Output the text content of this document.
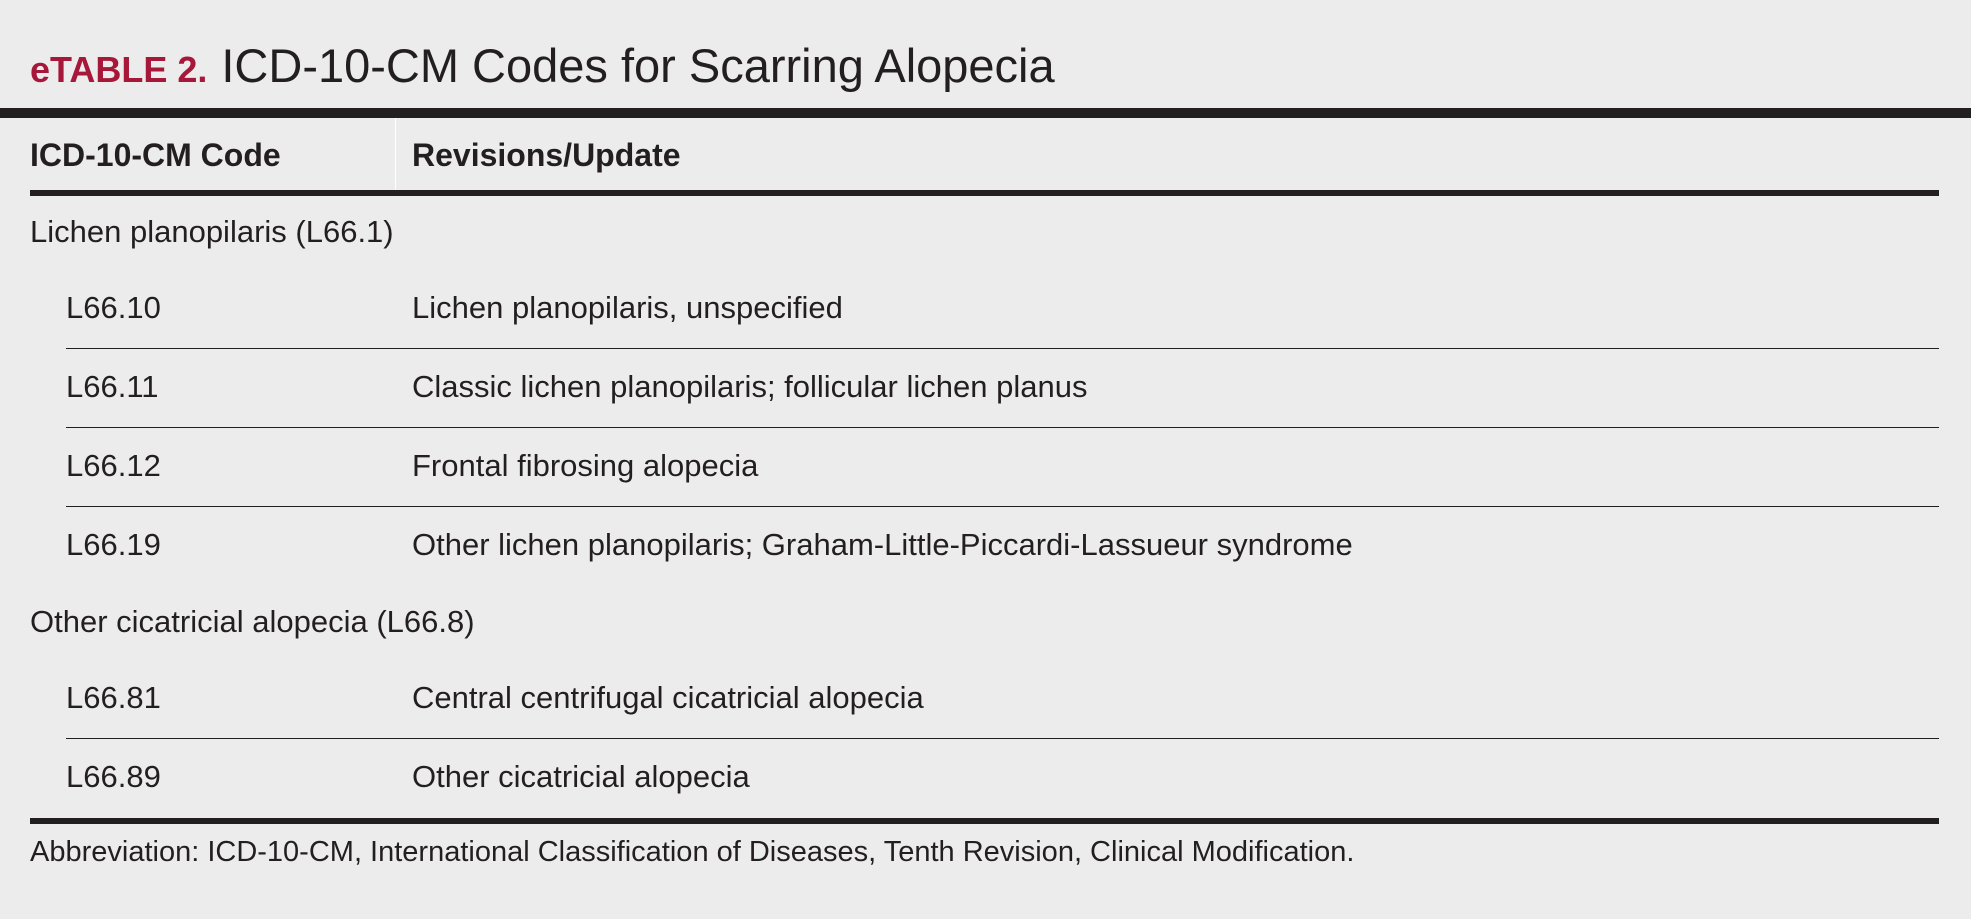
eTABLE 2. ICD-10-CM Codes for Scarring Alopecia
ICD-10-CM Code	Revisions/Update
Lichen planopilaris (L66.1)
L66.10	Lichen planopilaris, unspecified
L66.11	Classic lichen planopilaris; follicular lichen planus
L66.12	Frontal fibrosing alopecia
L66.19	Other lichen planopilaris; Graham-Little-Piccardi-Lassueur syndrome
Other cicatricial alopecia (L66.8)
L66.81	Central centrifugal cicatricial alopecia
L66.89	Other cicatricial alopecia
Abbreviation: ICD-10-CM, International Classification of Diseases, Tenth Revision, Clinical Modification.
